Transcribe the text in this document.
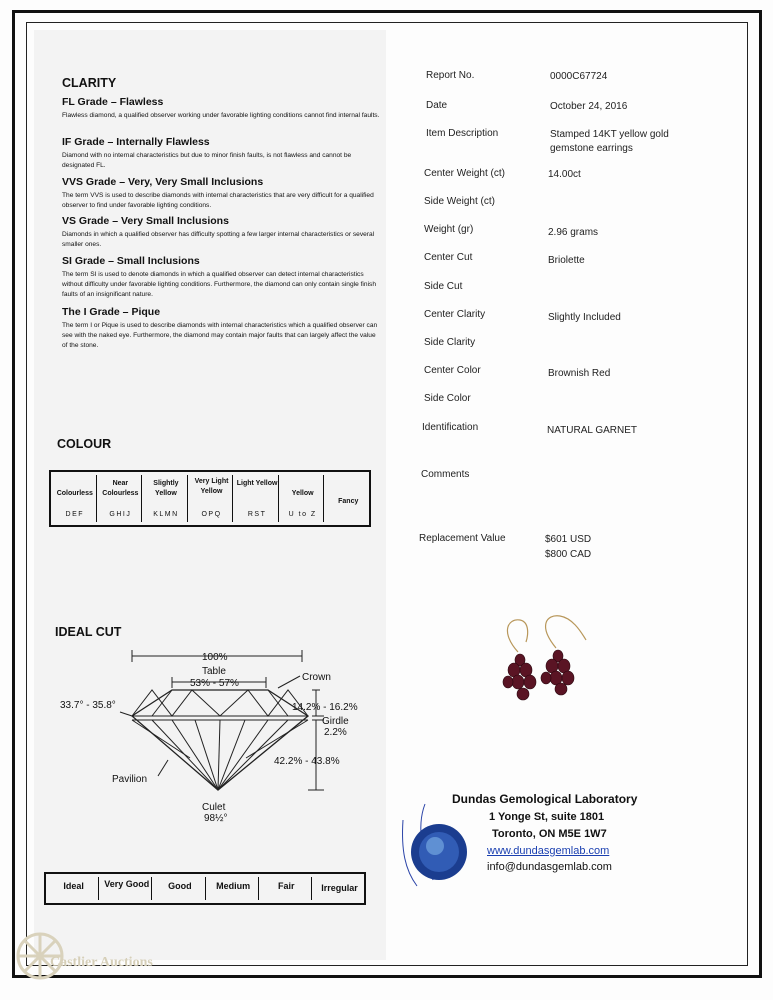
CLARITY
FL Grade – Flawless
Flawless diamond, a qualified observer working under favorable lighting conditions cannot find internal faults.
IF Grade – Internally Flawless
Diamond with no internal characteristics but due to minor finish faults, is not flawless and cannot be designated FL.
VVS Grade – Very, Very Small Inclusions
The term VVS is used to describe diamonds with internal characteristics that are very difficult for a qualified observer to find under favorable lighting conditions.
VS Grade – Very Small Inclusions
Diamonds in which a qualified observer has difficulty spotting a few larger internal characteristics or several smaller ones.
SI Grade – Small Inclusions
The term SI is used to denote diamonds in which a qualified observer can detect internal characteristics without difficulty under favorable lighting conditions. Furthermore, the diamond can only contain single finish faults of an insignificant nature.
The I Grade – Pique
The term I or Pique is used to describe diamonds with internal characteristics which a qualified observer can see with the naked eye. Furthermore, the diamond may contain major faults that can largely affect the value of the stone.
COLOUR
Colourless
DEF
Near Colourless
GHIJ
Slightly Yellow
KLMN
Very Light Yellow
OPQ
Light Yellow
RST
Yellow
U to Z
Fancy
IDEAL CUT
100%
Table
53% - 57%
Crown
33.7° - 35.8°	14.2% - 16.2%
Girdle
2.2%
42.2% - 43.8%
Pavilion
Culet
98½°
Ideal	Very Good	Good	Medium	Fair	Irregular
Report No.	0000C67724
Date	October 24, 2016
Item Description	Stamped 14KT yellow gold gemstone earrings
Center Weight (ct)	14.00ct
Side Weight (ct)
Weight (gr)	2.96 grams
Center Cut	Briolette
Side Cut
Center Clarity	Slightly Included
Side Clarity
Center Color	Brownish Red
Side Color
Identification	NATURAL GARNET
Comments
Replacement Value	$601 USD
$800 CAD
Dundas Gemological Laboratory
1 Yonge St, suite 1801
Toronto, ON M5E 1W7
www.dundasgemlab.com
info@dundasgemlab.com
Castlier Auctions
